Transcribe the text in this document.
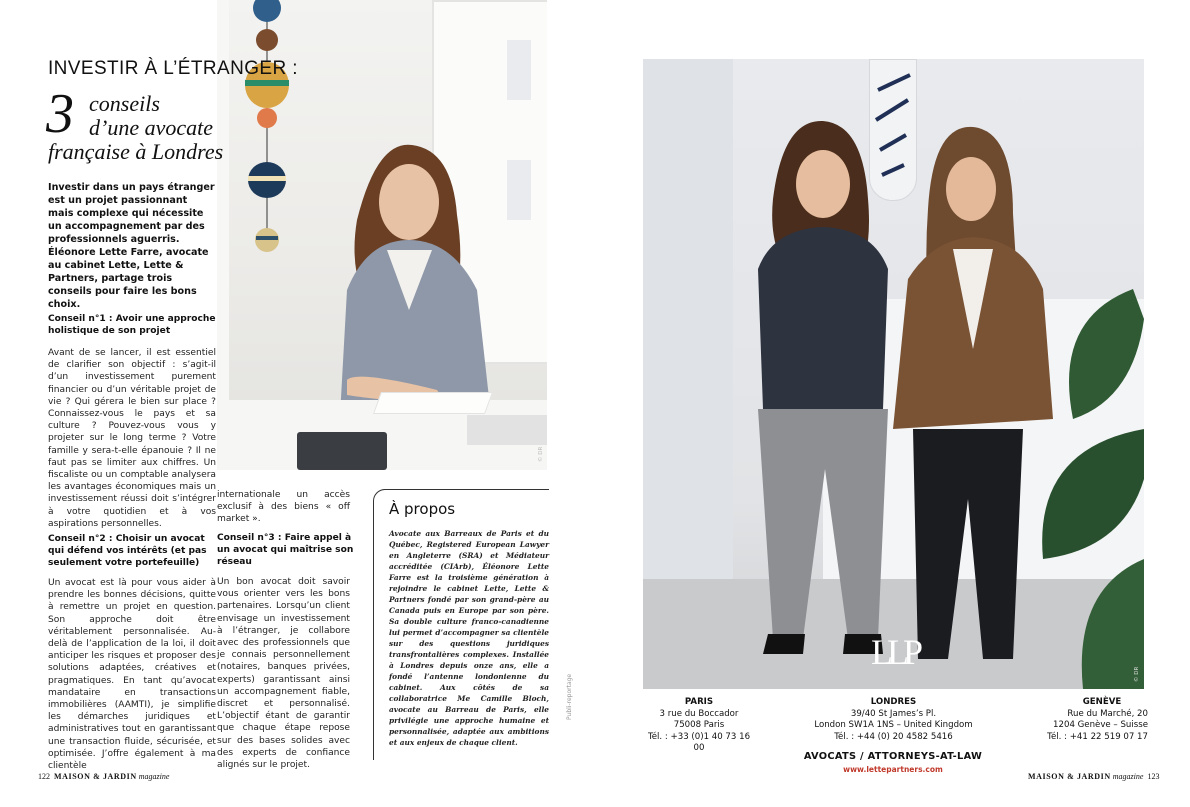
© DR
INVESTIR À L’ÉTRANGER :
3 conseils
d’une avocate
française à Londres
Investir dans un pays étranger est un projet passionnant mais complexe qui nécessite un accompagnement par des professionnels aguerris. Éléonore Lette Farre, avocate au cabinet Lette, Lette & Partners, partage trois conseils pour faire les bons choix.
Conseil n°1 : Avoir une approche holistique de son projet
Avant de se lancer, il est essentiel de clarifier son objectif : s’agit-il d’un investissement purement financier ou d’un véritable projet de vie ? Qui gérera le bien sur place ? Connaissez-vous le pays et sa culture ? Pouvez-vous vous y projeter sur le long terme ? Votre famille y sera-t-elle épanouie ? Il ne faut pas se limiter aux chiffres. Un fiscaliste ou un comptable analysera les avantages économiques mais un investissement réussi doit s’intégrer à votre quotidien et à vos aspirations personnelles.
Conseil n°2 : Choisir un avocat qui défend vos intérêts (et pas seulement votre portefeuille)
Un avocat est là pour vous aider à prendre les bonnes décisions, quitte à remettre un projet en question. Son approche doit être véritablement personnalisée. Au-delà de l’application de la loi, il doit anticiper les risques et proposer des solutions adaptées, créatives et pragmatiques. En tant qu’avocat mandataire en transactions immobilières (AAMTI), je simplifie les démarches juridiques et administratives tout en garantissant une transaction fluide, sécurisée, et optimisée. J’offre également à ma clientèle
internationale un accès exclusif à des biens « off market ».
Conseil n°3 : Faire appel à un avocat qui maîtrise son réseau
Un bon avocat doit savoir vous orienter vers les bons partenaires. Lorsqu’un client envisage un investissement à l’étranger, je collabore avec des professionnels que je connais personnellement (notaires, banques privées, experts) garantissant ainsi un accompagnement fiable, discret et personnalisé. L’objectif étant de garantir que chaque étape repose sur des bases solides avec des experts de confiance alignés sur le projet.
À propos
Avocate aux Barreaux de Paris et du Québec, Registered European Lawyer en Angleterre (SRA) et Médiateur accréditée (CIArb), Éléonore Lette Farre est la troisième génération à rejoindre le cabinet Lette, Lette & Partners fondé par son grand-père au Canada puis en Europe par son père. Sa double culture franco-canadienne lui permet d’accompagner sa clientèle sur des questions juridiques transfrontalières complexes. Installée à Londres depuis onze ans, elle a fondé l’antenne londonienne du cabinet. Aux côtés de sa collaboratrice Me Camille Bloch, avocate au Barreau de Paris, elle privilégie une approche humaine et personnalisée, adaptée aux ambitions et aux enjeux de chaque client.
Publi-reportage
122 MAISON & JARDIN magazine
LLP
© DR
PARIS
3 rue du Boccador
75008 Paris
Tél. : +33 (0)1 40 73 16 00
LONDRES
39/40 St James’s Pl.
London SW1A 1NS – United Kingdom
Tél. : +44 (0) 20 4582 5416
GENÈVE
Rue du Marché, 20
1204 Genève – Suisse
Tél. : +41 22 519 07 17
AVOCATS / ATTORNEYS-AT-LAW
www.lettepartners.com
MAISON & JARDIN magazine 123
